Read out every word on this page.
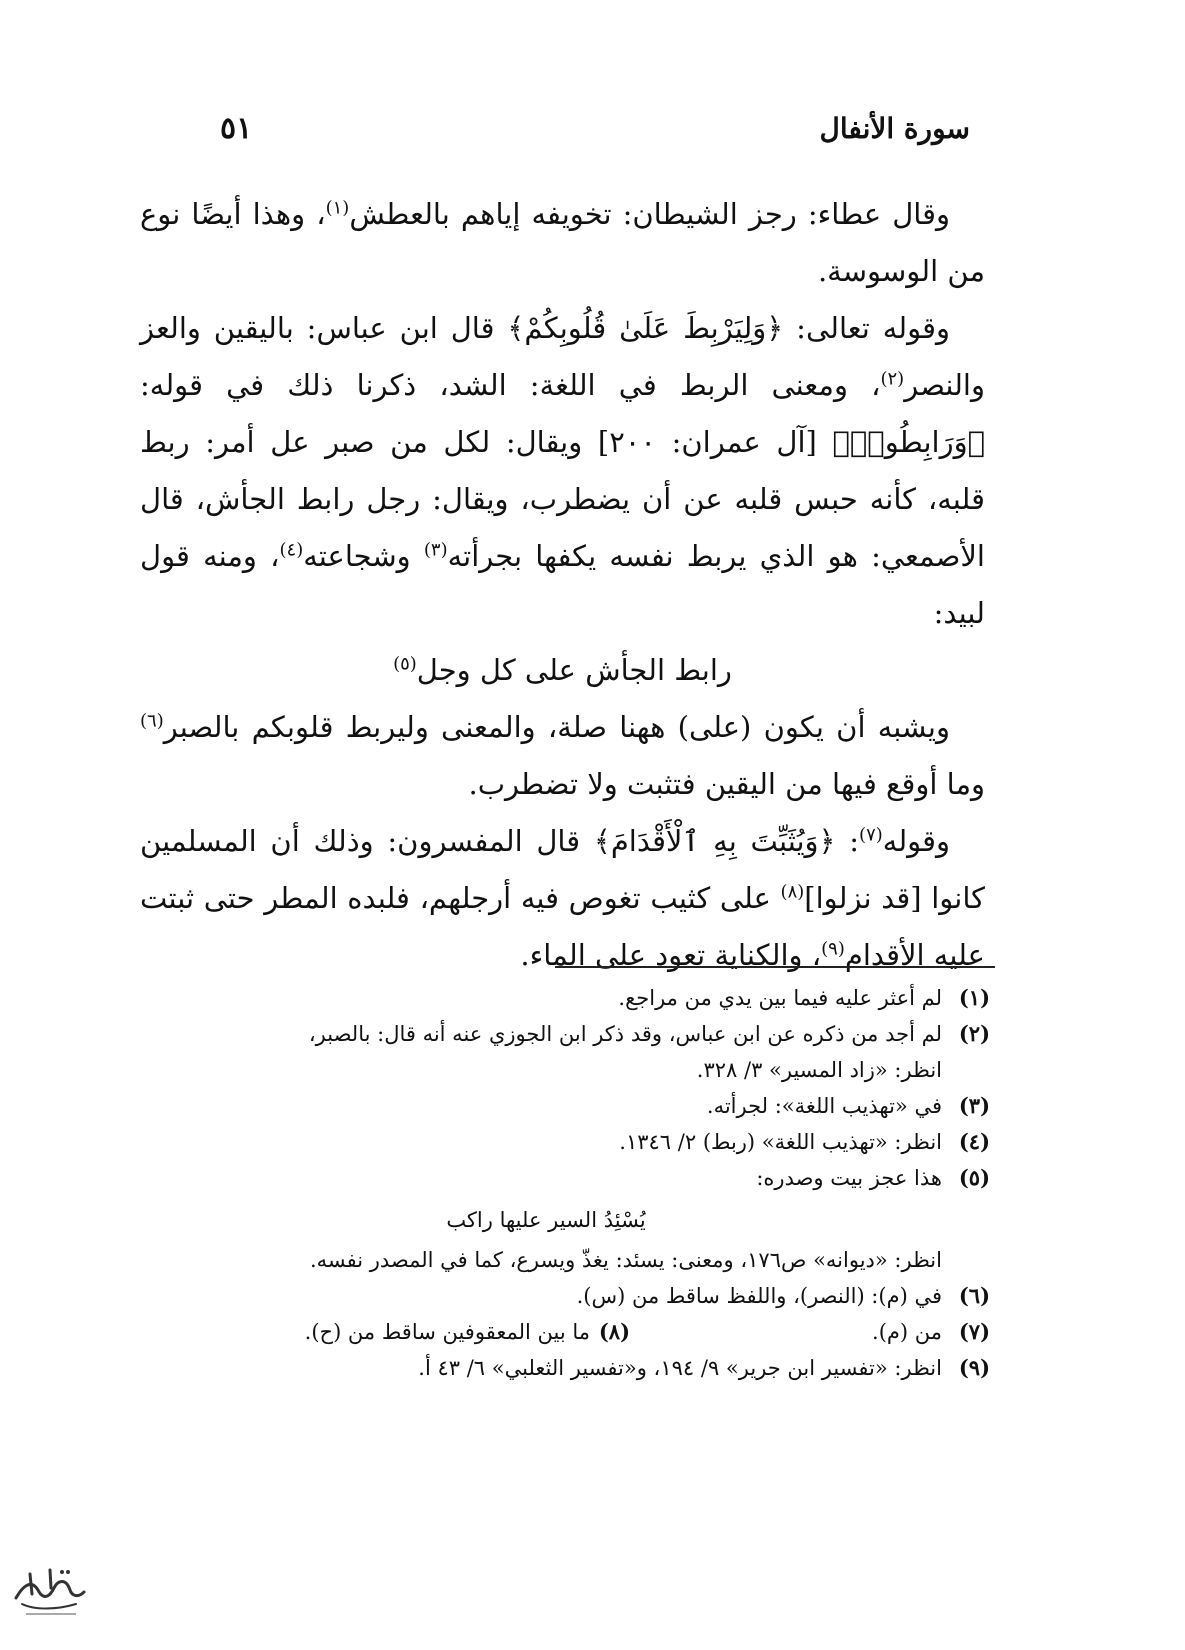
سورة الأنفال
٥١

وقال عطاء: رجز الشيطان: تخويفه إياهم بالعطش$^{(١)}$، وهذا أيضًا نوع من الوسوسة.

وقوله تعالى: ﴿وَلِيَرْبِطَ عَلَىٰ قُلُوبِكُمْ﴾ قال ابن عباس: باليقين والعز والنصر$^{(٢)}$، ومعنى الربط في اللغة: الشد، ذكرنا ذلك في قوله: ﴿وَرَابِطُوا۟﴾ [آل عمران: ٢٠٠] ويقال: لكل من صبر عل أمر: ربط قلبه، كأنه حبس قلبه عن أن يضطرب، ويقال: رجل رابط الجأش، قال الأصمعي: هو الذي يربط نفسه يكفها بجرأته$^{(٣)}$ وشجاعته$^{(٤)}$، ومنه قول لبيد:

رابط الجأش على كل وجل$^{(٥)}$

ويشبه أن يكون (على) ههنا صلة، والمعنى وليربط قلوبكم بالصبر$^{(٦)}$ وما أوقع فيها من اليقين فتثبت ولا تضطرب.

وقوله$^{(٧)}$: ﴿وَيُثَبِّتَ بِهِ ٱلْأَقْدَامَ﴾ قال المفسرون: وذلك أن المسلمين كانوا [قد نزلوا]$^{(٨)}$ على كثيب تغوص فيه أرجلهم، فلبده المطر حتى ثبتت عليه الأقدام$^{(٩)}$، والكناية تعود على الماء.

(١)
لم أعثر عليه فيما بين يدي من مراجع.
(٢)
لم أجد من ذكره عن ابن عباس، وقد ذكر ابن الجوزي عنه أنه قال: بالصبر،
انظر: «زاد المسير» ٣/ ٣٢٨.
(٣)
في «تهذيب اللغة»: لجرأته.
(٤)
انظر: «تهذيب اللغة» (ربط) ٢/ ١٣٤٦.
(٥)
هذا عجز بيت وصدره:
يُسْئِدُ السير عليها راكب
انظر: «ديوانه» ص١٧٦، ومعنى: يسئد: يغذّ ويسرع، كما في المصدر نفسه.
(٦)
في (م): (النصر)، واللفظ ساقط من (س).
(٧)
من (م).
(٨)
ما بين المعقوفين ساقط من (ح).
(٩)
انظر: «تفسير ابن جرير» ٩/ ١٩٤، و«تفسير الثعلبي» ٦/ ٤٣ أ.
